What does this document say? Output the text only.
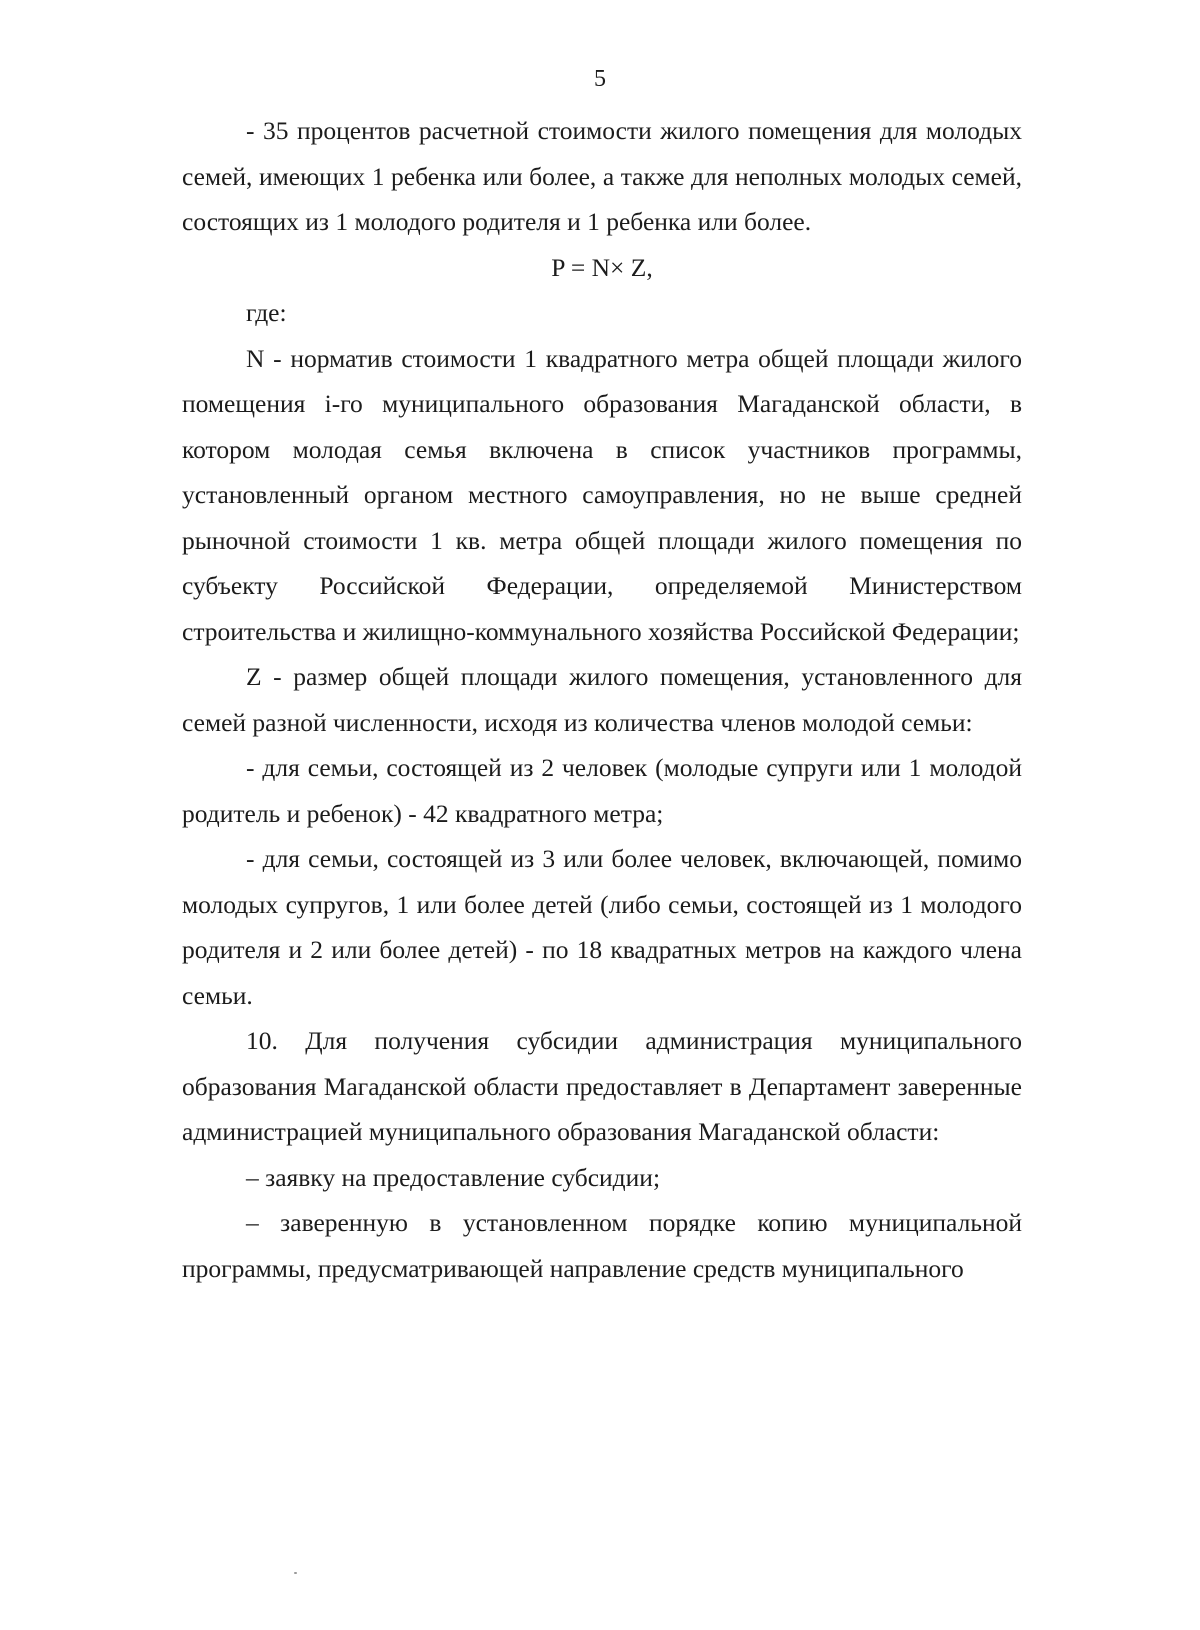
5

- 35 процентов расчетной стоимости жилого помещения для молодых семей, имеющих 1 ребенка или более, а также для неполных молодых семей, состоящих из 1 молодого родителя и 1 ребенка или более.

P = N× Z,

где:

N - норматив стоимости 1 квадратного метра общей площади жилого помещения i-го муниципального образования Магаданской области, в котором молодая семья включена в список участников программы, установленный органом местного самоуправления, но не выше средней рыночной стоимости 1 кв. метра общей площади жилого помещения по субъекту Российской Федерации, определяемой Министерством строительства и жилищно-коммунального хозяйства Российской Федерации;

Z - размер общей площади жилого помещения, установленного для семей разной численности, исходя из количества членов молодой семьи:

- для семьи, состоящей из 2 человек (молодые супруги или 1 молодой родитель и ребенок) - 42 квадратного метра;

- для семьи, состоящей из 3 или более человек, включающей, помимо молодых супругов, 1 или более детей (либо семьи, состоящей из 1 молодого родителя и 2 или более детей) - по 18 квадратных метров на каждого члена семьи.

10. Для получения субсидии администрация муниципального образования Магаданской области предоставляет в Департамент заверенные администрацией муниципального образования Магаданской области:

– заявку на предоставление субсидии;

– заверенную в установленном порядке копию муниципальной программы, предусматривающей направление средств муниципального
